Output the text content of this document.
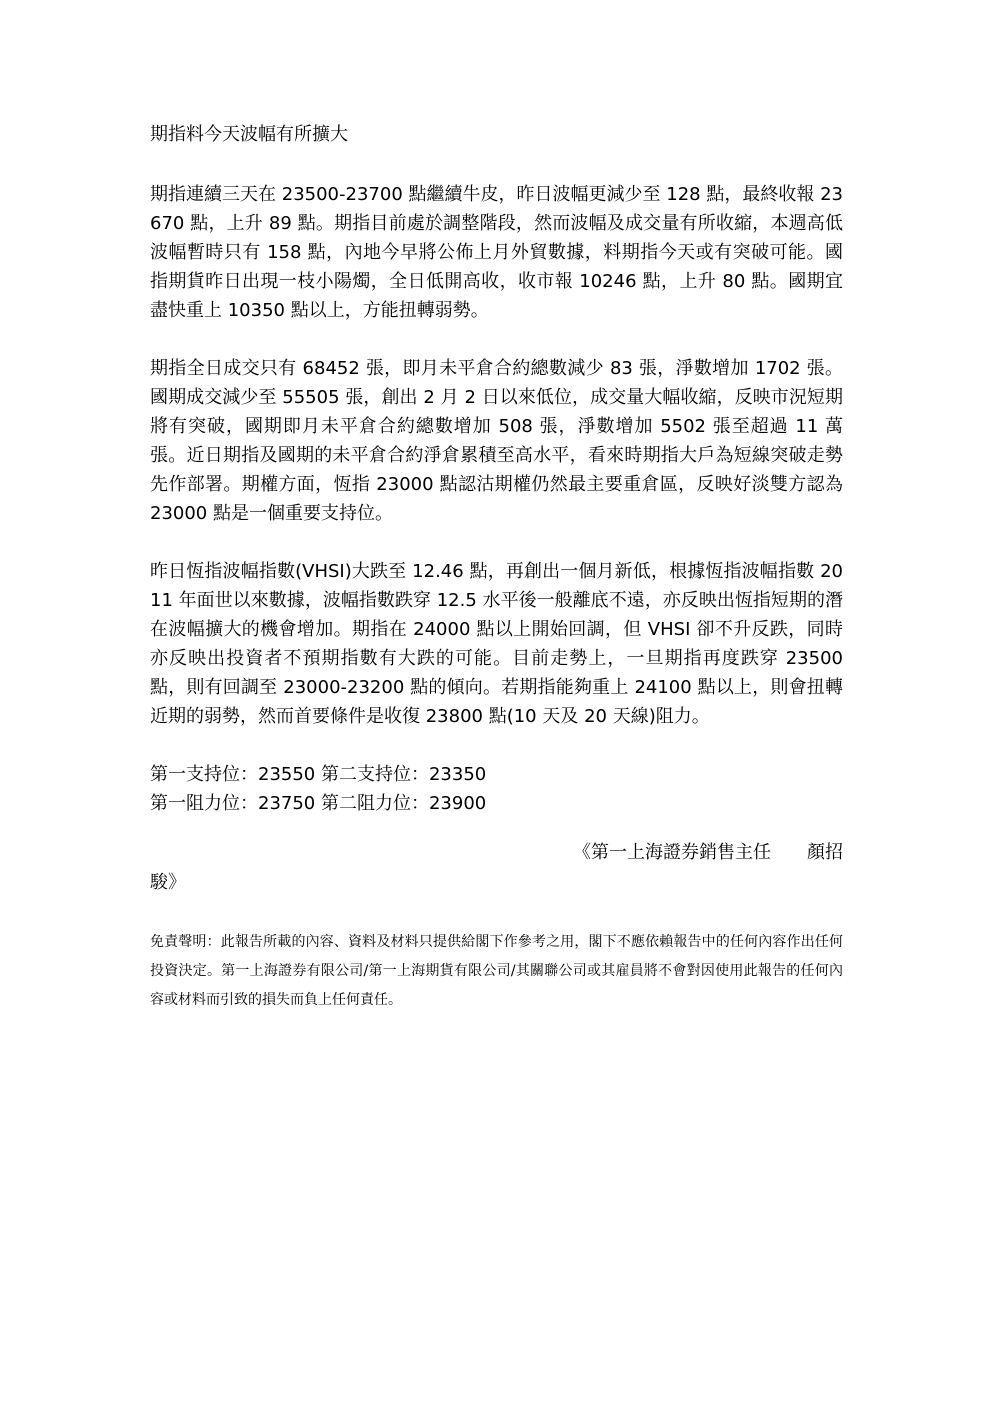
期指料今天波幅有所擴大

期指連續三天在 23500-23700 點繼續牛皮，昨日波幅更減少至 128 點，最終收報 23670 點，上升 89 點。期指目前處於調整階段，然而波幅及成交量有所收縮，本週高低波幅暫時只有 158 點，內地今早將公佈上月外貿數據，料期指今天或有突破可能。國指期貨昨日出現一枝小陽燭，全日低開高收，收市報 10246 點，上升 80 點。國期宜盡快重上 10350 點以上，方能扭轉弱勢。

期指全日成交只有 68452 張，即月未平倉合約總數減少 83 張，淨數增加 1702 張。國期成交減少至 55505 張，創出 2 月 2 日以來低位，成交量大幅收縮，反映市況短期將有突破，國期即月未平倉合約總數增加 508 張，淨數增加 5502 張至超過 11 萬張。近日期指及國期的未平倉合約淨倉累積至高水平，看來時期指大戶為短線突破走勢先作部署。期權方面，恆指 23000 點認沽期權仍然最主要重倉區，反映好淡雙方認為 23000 點是一個重要支持位。

昨日恆指波幅指數(VHSI)大跌至 12.46 點，再創出一個月新低，根據恆指波幅指數 2011 年面世以來數據，波幅指數跌穿 12.5 水平後一般離底不遠，亦反映出恆指短期的潛在波幅擴大的機會增加。期指在 24000 點以上開始回調，但 VHSI 卻不升反跌，同時亦反映出投資者不預期指數有大跌的可能。目前走勢上，一旦期指再度跌穿 23500 點，則有回調至 23000-23200 點的傾向。若期指能夠重上 24100 點以上，則會扭轉近期的弱勢，然而首要條件是收復 23800 點(10 天及 20 天線)阻力。

第一支持位：23550 第二支持位：23350
第一阻力位：23750 第二阻力位：23900
《第一上海證券銷售主任 顏招
駿》

免責聲明：此報告所載的內容、資料及材料只提供給閣下作參考之用，閣下不應依賴報告中的任何內容作出任何投資決定。第一上海證券有限公司/第一上海期貨有限公司/其關聯公司或其雇員將不會對因使用此報告的任何內容或材料而引致的損失而負上任何責任。
